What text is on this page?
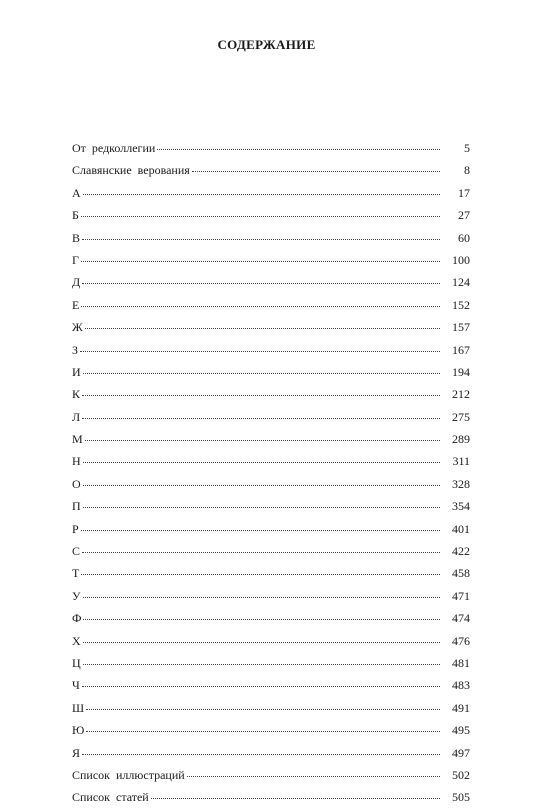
СОДЕРЖАНИЕ
От редколлегии	5
Славянские верования	8
А	17
Б	27
В	60
Г	100
Д	124
Е	152
Ж	157
З	167
И	194
К	212
Л	275
М	289
Н	311
О	328
П	354
Р	401
С	422
Т	458
У	471
Ф	474
Х	476
Ц	481
Ч	483
Ш	491
Ю	495
Я	497
Список иллюстраций	502
Список статей	505
